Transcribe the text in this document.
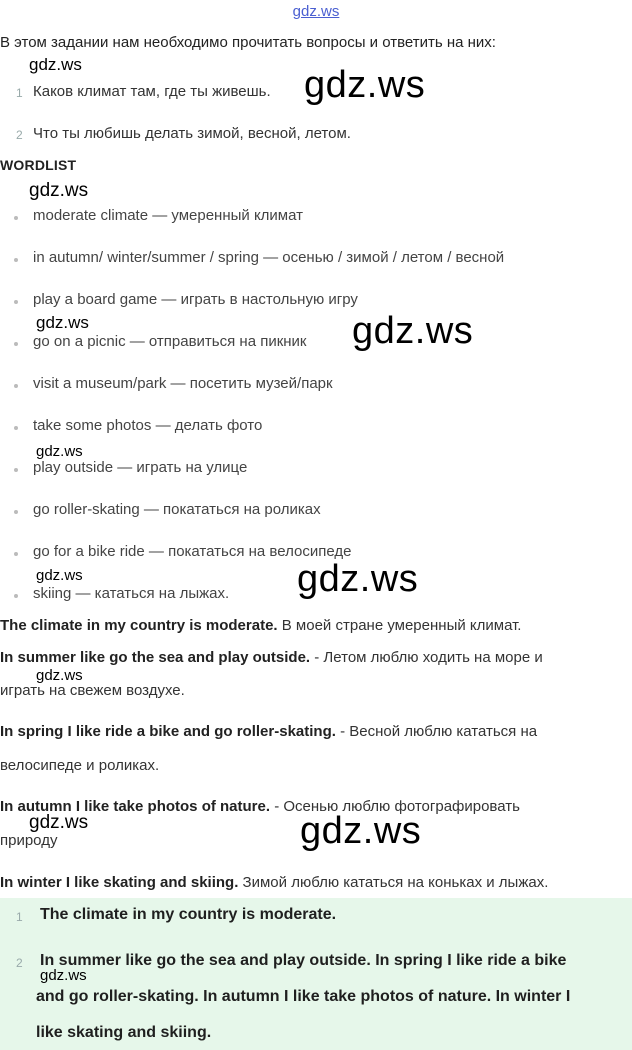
gdz.ws
В этом задании нам необходимо прочитать вопросы и ответить на них:
1 Каков климат там, где ты живешь.
2 Что ты любишь делать зимой, весной, летом.
WORDLIST
moderate climate — умеренный климат
in autumn/ winter/summer / spring — осенью / зимой / летом / весной
play a board game — играть в настольную игру
go on a picnic — отправиться на пикник
visit a museum/park — посетить музей/парк
take some photos — делать фото
play outside — играть на улице
go roller-skating — покататься на роликах
go for a bike ride — покататься на велосипеде
skiing — кататься на лыжах.
The climate in my country is moderate. В моей стране умеренный климат.
In summer like go the sea and play outside. - Летом люблю ходить на море и
играть на свежем воздухе.
In spring I like ride a bike and go roller-skating. - Весной люблю кататься на
велосипеде и роликах.
In autumn I like take photos of nature. - Осенью люблю фотографировать
природу
In winter I like skating and skiing. Зимой люблю кататься на коньках и лыжах.
1 The climate in my country is moderate.
2 In summer like go the sea and play outside. In spring I like ride a bike
and go roller-skating. In autumn I like take photos of nature. In winter I
like skating and skiing.
gdz.ws	gdz.ws
gdz.ws
gdz.ws	gdz.ws
gdz.ws
gdz.ws	gdz.ws
gdz.ws
gdz.ws	gdz.ws
gdz.ws
